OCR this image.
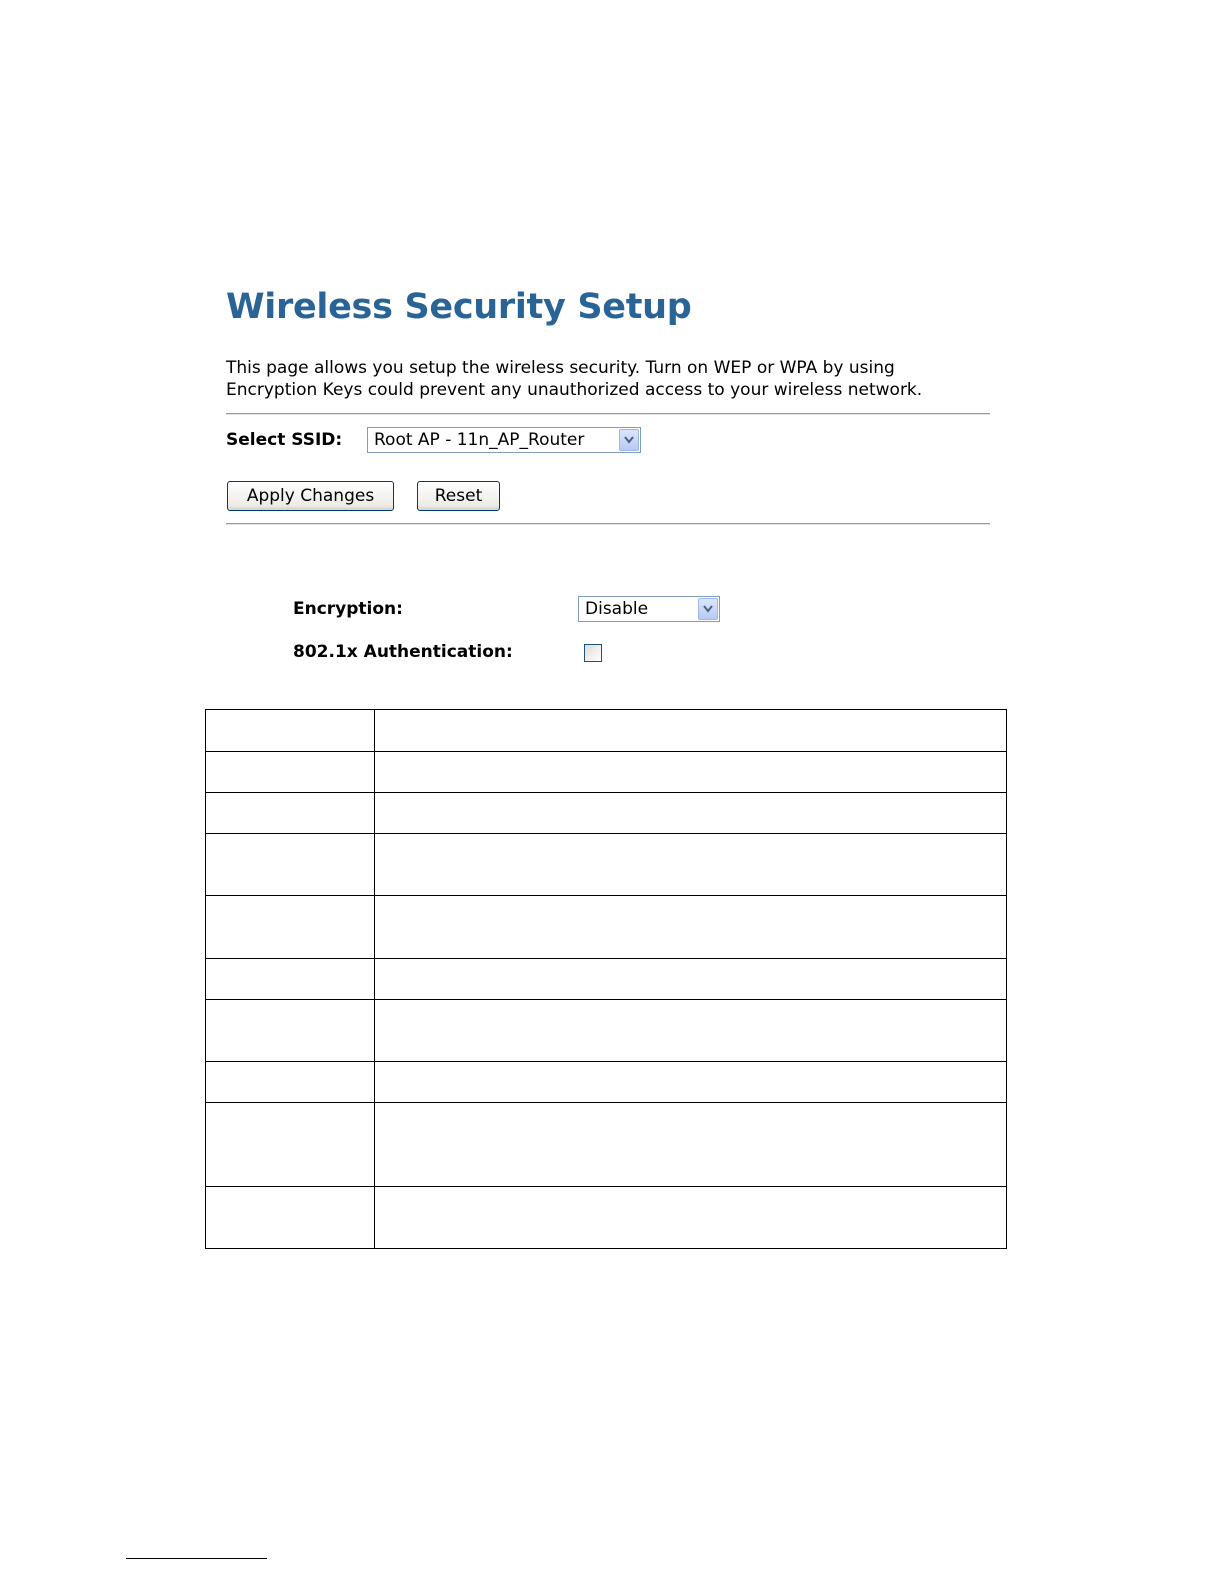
Wireless Security Setup

This page allows you setup the wireless security. Turn on WEP or WPA by using
Encryption Keys could prevent any unauthorized access to your wireless network.

Select SSID:	Root AP - 11n_AP_Router
Apply Changes	Reset
Encryption:	Disable
802.1x Authentication:
